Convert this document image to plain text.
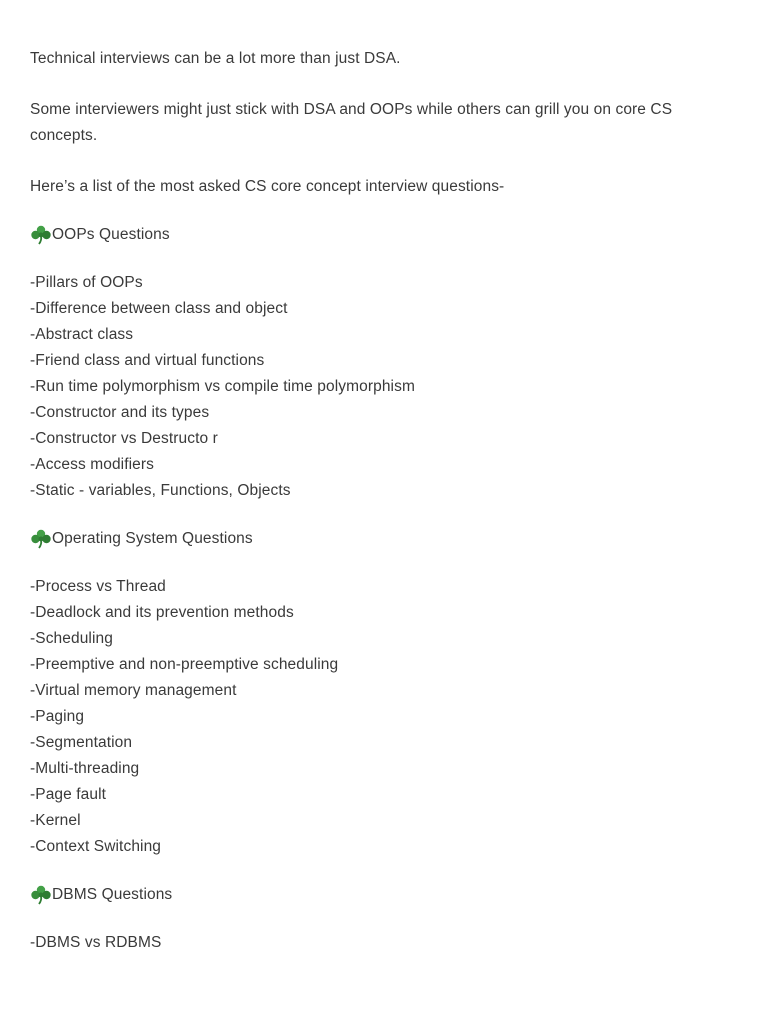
Technical interviews can be a lot more than just DSA.

Some interviewers might just stick with DSA and OOPs while others can grill you on core CS concepts.

Here’s a list of the most asked CS core concept interview questions-

OOPs Questions
-Pillars of OOPs
-Difference between class and object
-Abstract class
-Friend class and virtual functions
-Run time polymorphism vs compile time polymorphism
-Constructor and its types
-Constructor vs Destructo r
-Access modifiers
-Static - variables, Functions, Objects
Operating System Questions
-Process vs Thread
-Deadlock and its prevention methods
-Scheduling
-Preemptive and non-preemptive scheduling
-Virtual memory management
-Paging
-Segmentation
-Multi-threading
-Page fault
-Kernel
-Context Switching
DBMS Questions
-DBMS vs RDBMS
